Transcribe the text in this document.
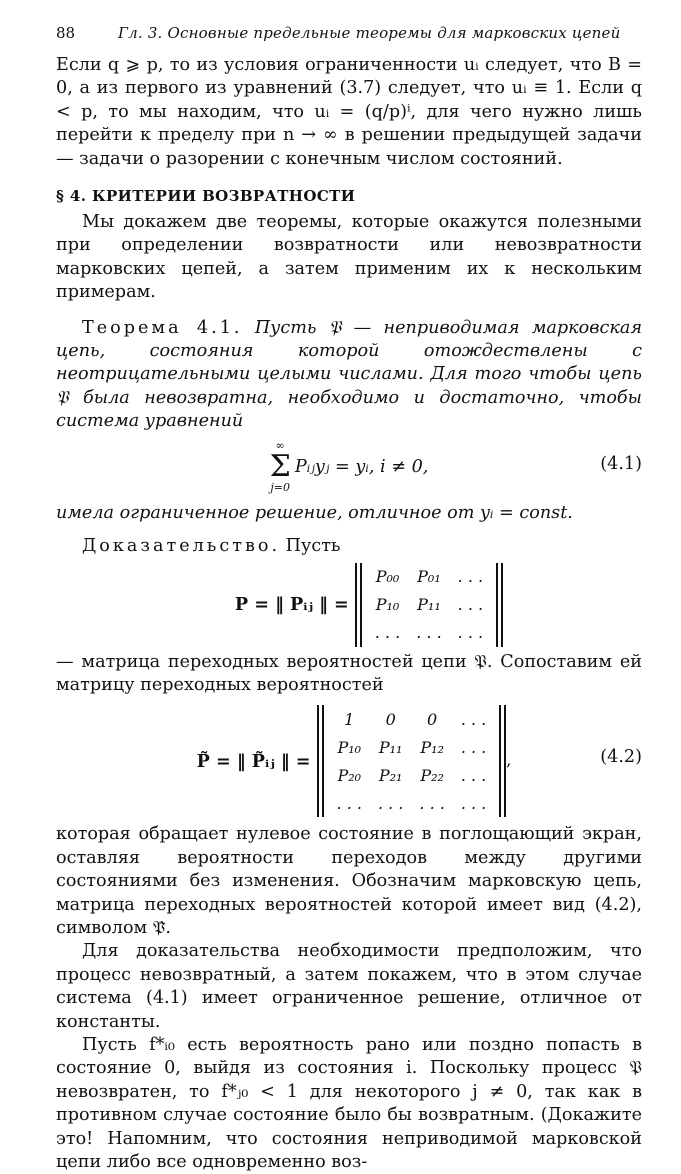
88	Гл. 3. Основные предельные теоремы для марковских цепей

Если q ⩾ p, то из условия ограниченности uᵢ следует, что B = 0, а из первого из уравнений (3.7) следует, что uᵢ ≡ 1. Если q < p, то мы находим, что uᵢ = (q/p)ⁱ, для чего нужно лишь перейти к пределу при n → ∞ в решении предыдущей задачи — задачи о разорении с конечным числом состояний.

§ 4. КРИТЕРИИ ВОЗВРАТНОСТИ

Мы докажем две теоремы, которые окажутся полезными при определении возвратности или невозвратности марковских цепей, а затем применим их к нескольким примерам.

Теорема 4.1. Пусть 𝔓 — неприводимая марковская цепь, состояния которой отождествлены с неотрицательными целыми числами. Для того чтобы цепь 𝔓 была невозвратна, необходимо и достаточно, чтобы система уравнений

∞
Σ
j=0
Pᵢⱼyⱼ = yᵢ, i ≠ 0,	(4.1)

имела ограниченное решение, отличное от yᵢ = const.

Доказательство. Пусть

P = ‖ Pᵢⱼ ‖ =
P₀₀	P₀₁	. . .
P₁₀	P₁₁	. . .
. . .	. . .	. . .

— матрица переходных вероятностей цепи 𝔓. Сопоставим ей матрицу переходных вероятностей

P̃ = ‖ P̃ᵢⱼ ‖ =
1	0	0	. . .
P₁₀	P₁₁	P₁₂	. . .
P₂₀	P₂₁	P₂₂	. . .
. . .	. . .	. . .	. . .
,	(4.2)

которая обращает нулевое состояние в поглощающий экран, оставляя вероятности переходов между другими состояниями без изменения. Обозначим марковскую цепь, матрица переходных вероятностей которой имеет вид (4.2), символом 𝔓̃.

Для доказательства необходимости предположим, что процесс невозвратный, а затем покажем, что в этом случае система (4.1) имеет ограниченное решение, отличное от константы.

Пусть f*ᵢ₀ есть вероятность рано или поздно попасть в состояние 0, выйдя из состояния i. Поскольку процесс 𝔓 невозвратен, то f*ⱼ₀ < 1 для некоторого j ≠ 0, так как в противном случае состояние было бы возвратным. (Докажите это! Напомним, что состояния неприводимой марковской цепи либо все одновременно воз-
